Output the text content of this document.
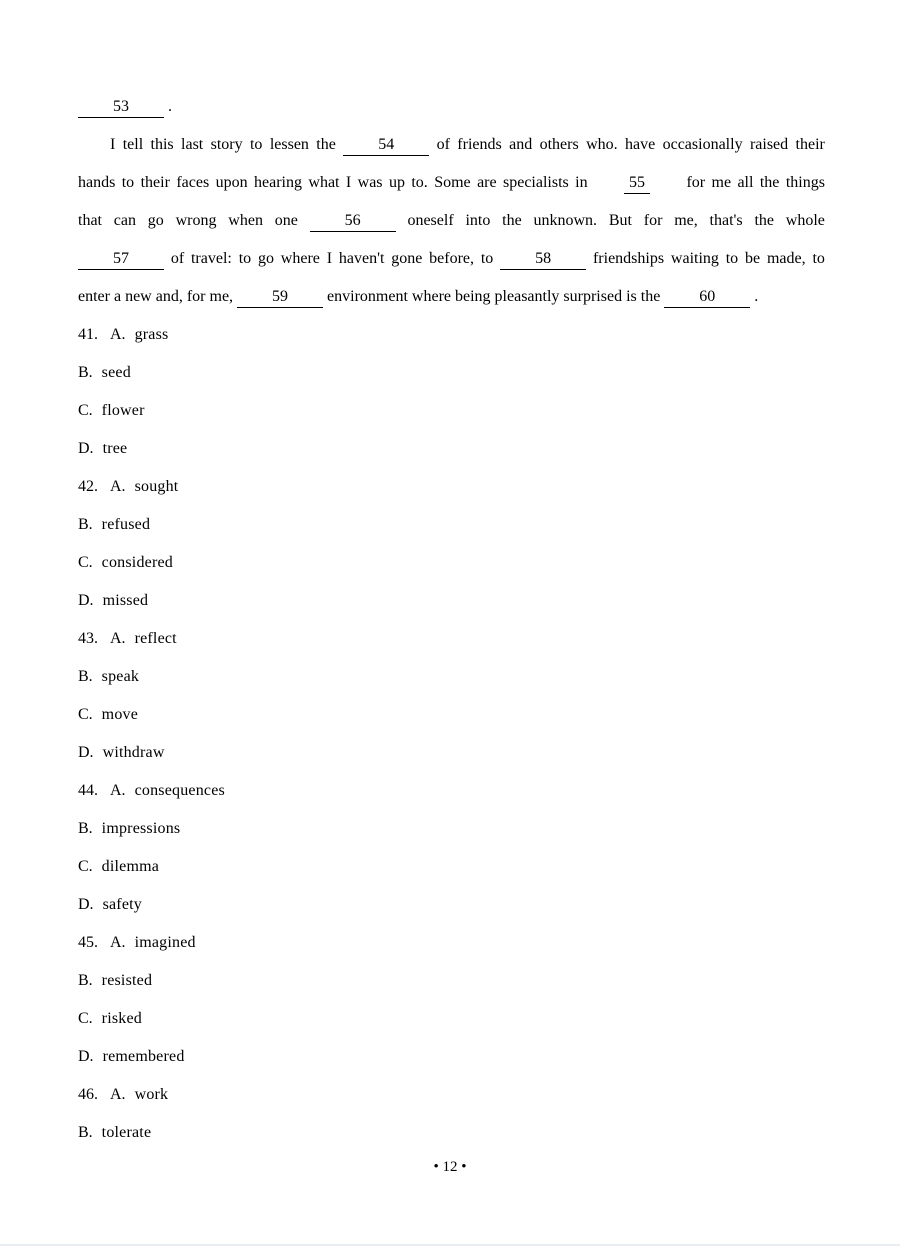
53 .
I tell this last story to lessen the	54	of friends and others who. have occasionally raised their
hands to their faces upon hearing what I was up to. Some are specialists in	55	for me all the things
that can go wrong when one	56	oneself into the unknown. But for me, that's the whole
57	of travel: to go where I haven't gone before, to	58	friendships waiting to be made, to
enter a new and, for me, 59 environment where being pleasantly surprised is the 60 .
41. A. grass
B. seed
C. flower
D. tree
42. A. sought
B. refused
C. considered
D. missed
43. A. reflect
B. speak
C. move
D. withdraw
44. A. consequences
B. impressions
C. dilemma
D. safety
45. A. imagined
B. resisted
C. risked
D. remembered
46. A. work
B. tolerate
• 12 •
